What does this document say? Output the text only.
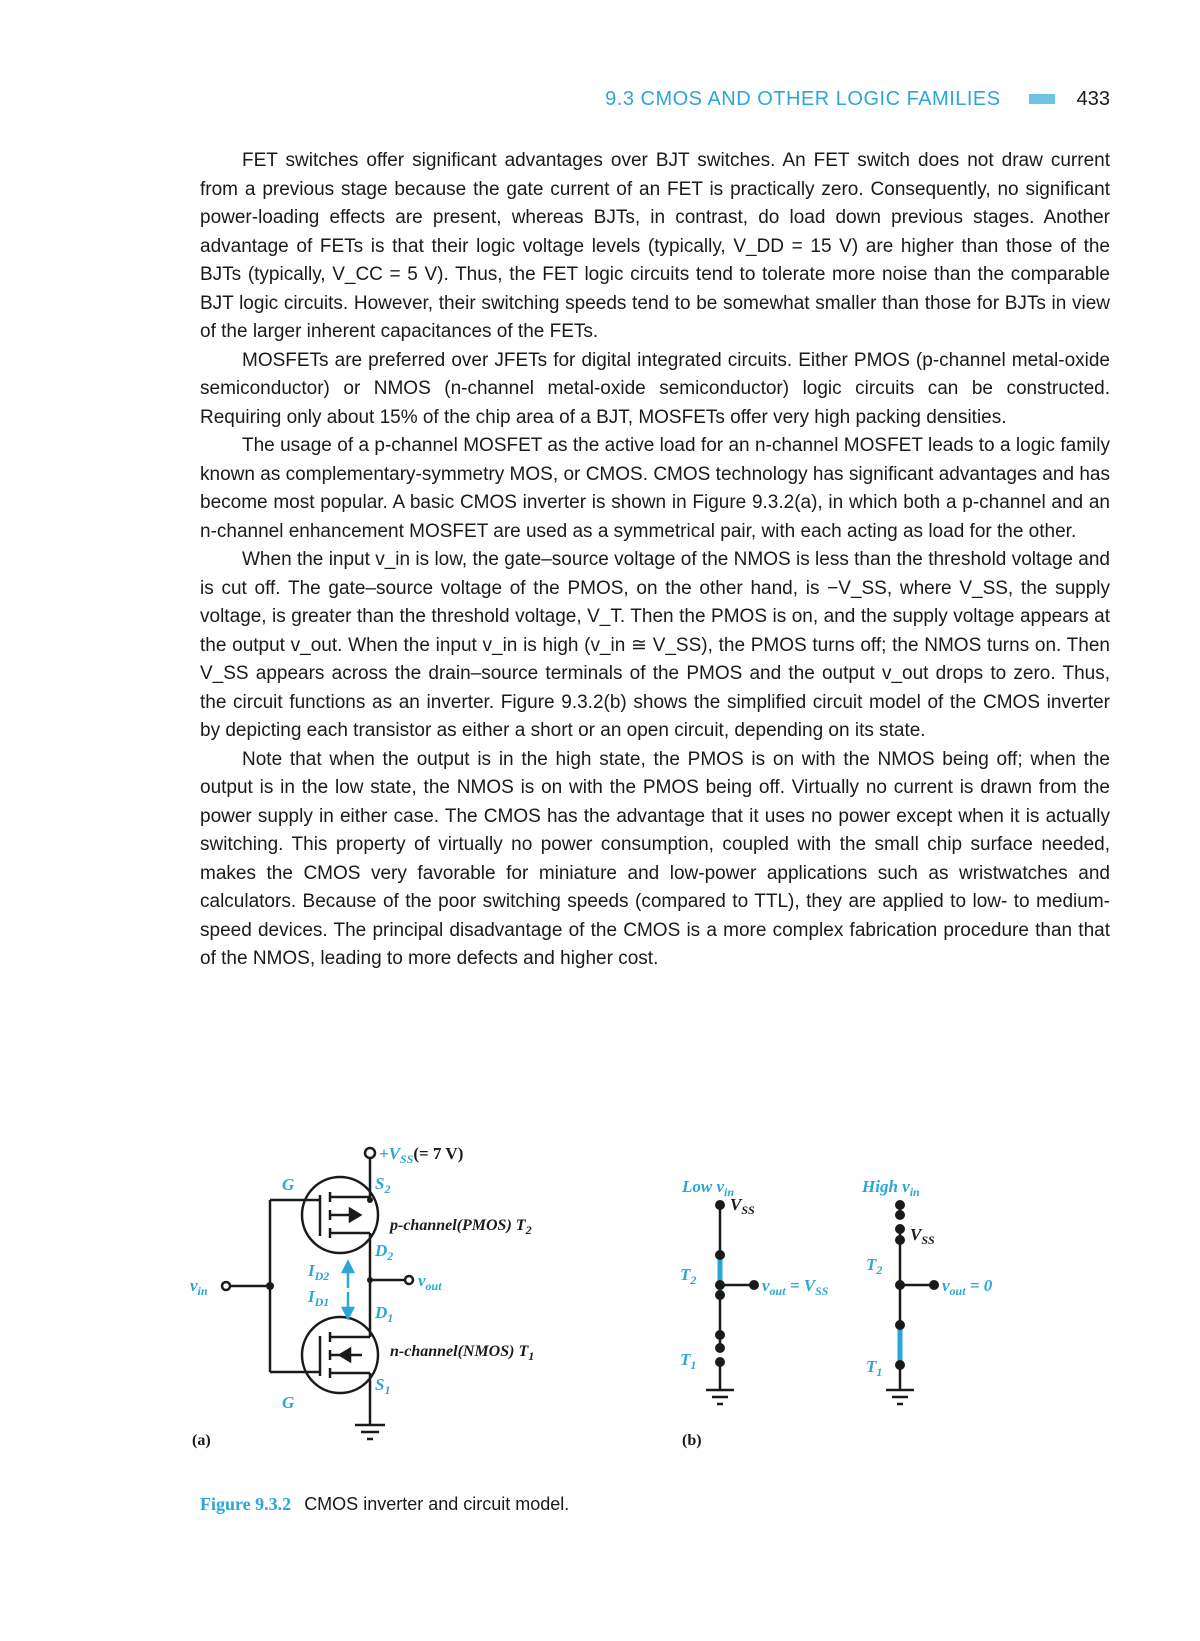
9.3 CMOS AND OTHER LOGIC FAMILIES	433

FET switches offer significant advantages over BJT switches. An FET switch does not draw current from a previous stage because the gate current of an FET is practically zero. Consequently, no significant power-loading effects are present, whereas BJTs, in contrast, do load down previous stages. Another advantage of FETs is that their logic voltage levels (typically, V_DD = 15 V) are higher than those of the BJTs (typically, V_CC = 5 V). Thus, the FET logic circuits tend to tolerate more noise than the comparable BJT logic circuits. However, their switching speeds tend to be somewhat smaller than those for BJTs in view of the larger inherent capacitances of the FETs.

MOSFETs are preferred over JFETs for digital integrated circuits. Either PMOS (p-channel metal-oxide semiconductor) or NMOS (n-channel metal-oxide semiconductor) logic circuits can be constructed. Requiring only about 15% of the chip area of a BJT, MOSFETs offer very high packing densities.

The usage of a p-channel MOSFET as the active load for an n-channel MOSFET leads to a logic family known as complementary-symmetry MOS, or CMOS. CMOS technology has significant advantages and has become most popular. A basic CMOS inverter is shown in Figure 9.3.2(a), in which both a p-channel and an n-channel enhancement MOSFET are used as a symmetrical pair, with each acting as load for the other.

When the input v_in is low, the gate–source voltage of the NMOS is less than the threshold voltage and is cut off. The gate–source voltage of the PMOS, on the other hand, is −V_SS, where V_SS, the supply voltage, is greater than the threshold voltage, V_T. Then the PMOS is on, and the supply voltage appears at the output v_out. When the input v_in is high (v_in ≅ V_SS), the PMOS turns off; the NMOS turns on. Then V_SS appears across the drain–source terminals of the PMOS and the output v_out drops to zero. Thus, the circuit functions as an inverter. Figure 9.3.2(b) shows the simplified circuit model of the CMOS inverter by depicting each transistor as either a short or an open circuit, depending on its state.

Note that when the output is in the high state, the PMOS is on with the NMOS being off; when the output is in the low state, the NMOS is on with the PMOS being off. Virtually no current is drawn from the power supply in either case. The CMOS has the advantage that it uses no power except when it is actually switching. This property of virtually no power consumption, coupled with the small chip surface needed, makes the CMOS very favorable for miniature and low-power applications such as wristwatches and calculators. Because of the poor switching speeds (compared to TTL), they are applied to low- to medium-speed devices. The principal disadvantage of the CMOS is a more complex fabrication procedure than that of the NMOS, leading to more defects and higher cost.

$+V_{SS}(= 7$ V)
G
G
$S_2$
$D_2$
$D_1$
$S_1$
$I_{D2}$
$I_{D1}$
$v_{in}$
$v_{out}$
p-channel(PMOS) $T_2$
n-channel(NMOS) $T_1$
(a)	(b)
Low $v_{in}$	High $v_{in}$
$T_2$
$T_1$
$T_2$
$T_1$
$v_{out} = V_{SS}$	$v_{out} = 0$
$V_{SS}$
$V_{SS}$
Figure 9.3.2 CMOS inverter and circuit model.
